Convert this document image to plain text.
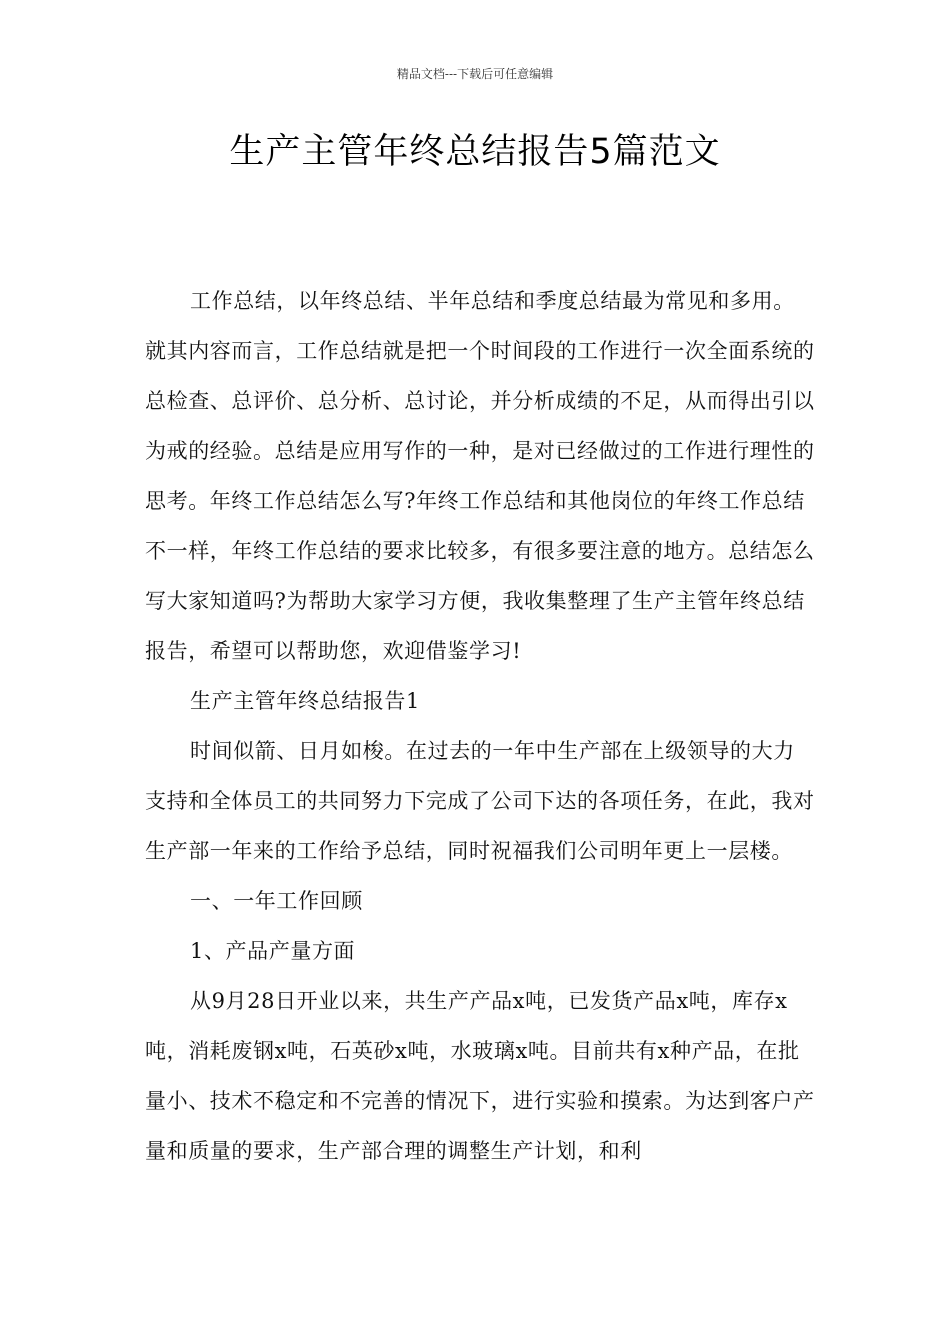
精品文档---下载后可任意编辑
生产主管年终总结报告5篇范文

工作总结，以年终总结、半年总结和季度总结最为常见和多用。就其内容而言，工作总结就是把一个时间段的工作进行一次全面系统的总检查、总评价、总分析、总讨论，并分析成绩的不足，从而得出引以为戒的经验。总结是应用写作的一种，是对已经做过的工作进行理性的思考。年终工作总结怎么写?年终工作总结和其他岗位的年终工作总结不一样，年终工作总结的要求比较多，有很多要注意的地方。总结怎么写大家知道吗?为帮助大家学习方便，我收集整理了生产主管年终总结报告，希望可以帮助您，欢迎借鉴学习!

生产主管年终总结报告1

时间似箭、日月如梭。在过去的一年中生产部在上级领导的大力支持和全体员工的共同努力下完成了公司下达的各项任务，在此，我对生产部一年来的工作给予总结，同时祝福我们公司明年更上一层楼。

一、一年工作回顾

1、产品产量方面

从9月28日开业以来，共生产产品x吨，已发货产品x吨，库存x吨，消耗废钢x吨，石英砂x吨，水玻璃x吨。目前共有x种产品，在批量小、技术不稳定和不完善的情况下，进行实验和摸索。为达到客户产量和质量的要求，生产部合理的调整生产计划，和利
